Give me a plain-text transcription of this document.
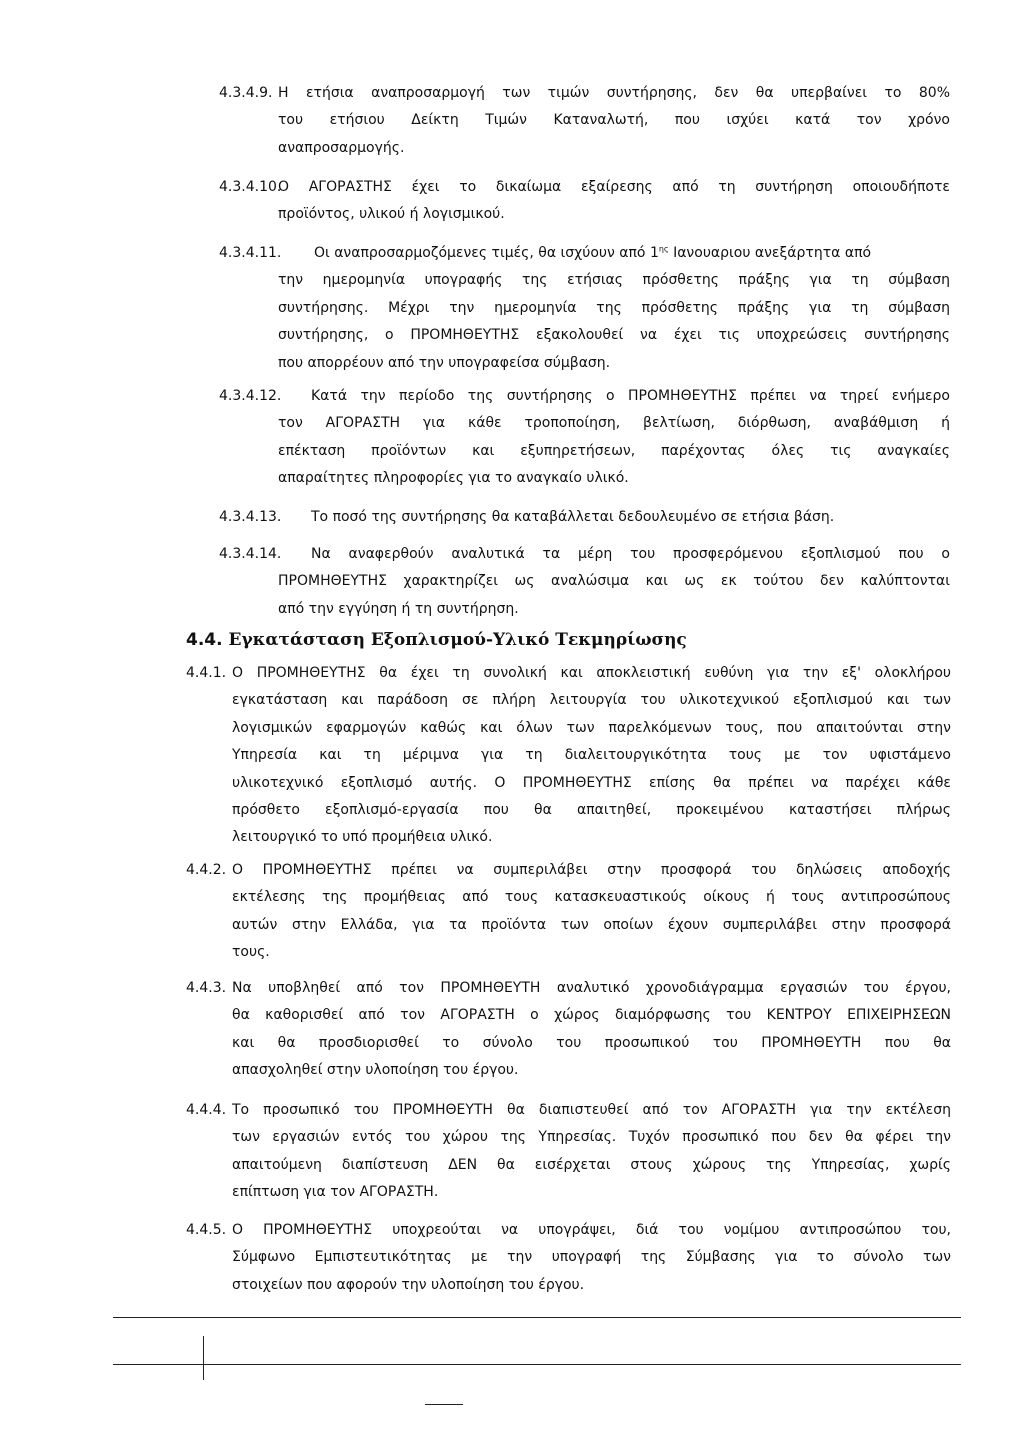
4.3.4.9. Η ετήσια αναπροσαρμογή των τιμών συντήρησης, δεν θα υπερβαίνει το 80%
του ετήσιου Δείκτη Τιμών Καταναλωτή, που ισχύει κατά τον χρόνο
αναπροσαρμογής.
4.3.4.10.
Ο ΑΓΟΡΑΣΤΗΣ έχει το δικαίωμα εξαίρεσης από τη συντήρηση οποιουδήποτε
προϊόντος, υλικού ή λογισμικού.
4.3.4.11. Οι αναπροσαρμοζόμενες τιμές, θα ισχύουν από $1^{\eta\varsigma}$ Ιανουαριου ανεξάρτητα από
την ημερομηνία υπογραφής της ετήσιας πρόσθετης πράξης για τη σύμβαση
συντήρησης. Μέχρι την ημερομηνία της πρόσθετης πράξης για τη σύμβαση
συντήρησης, ο ΠΡΟΜΗΘΕΥΤΗΣ εξακολουθεί να έχει τις υποχρεώσεις συντήρησης
που απορρέουν από την υπογραφείσα σύμβαση.
4.3.4.12. Κατά την περίοδο της συντήρησης ο ΠΡΟΜΗΘΕΥΤΗΣ πρέπει να τηρεί ενήμερο
τον ΑΓΟΡΑΣΤΗ για κάθε τροποποίηση, βελτίωση, διόρθωση, αναβάθμιση ή
επέκταση προϊόντων και εξυπηρετήσεων, παρέχοντας όλες τις αναγκαίες
απαραίτητες πληροφορίες για το αναγκαίο υλικό.
4.3.4.13. Το ποσό της συντήρησης θα καταβάλλεται δεδουλευμένο σε ετήσια βάση.
4.3.4.14. Να αναφερθούν αναλυτικά τα μέρη του προσφερόμενου εξοπλισμού που ο
ΠΡΟΜΗΘΕΥΤΗΣ χαρακτηρίζει ως αναλώσιμα και ως εκ τούτου δεν καλύπτονται
από την εγγύηση ή τη συντήρηση.
4.4. Εγκατάσταση Εξοπλισμού-Υλικό Τεκμηρίωσης
4.4.1. Ο ΠΡΟΜΗΘΕΥΤΗΣ θα έχει τη συνολική και αποκλειστική ευθύνη για την εξ' ολοκλήρου
εγκατάσταση και παράδοση σε πλήρη λειτουργία του υλικοτεχνικού εξοπλισμού και των
λογισμικών εφαρμογών καθώς και όλων των παρελκόμενων τους, που απαιτούνται στην
Υπηρεσία και τη μέριμνα για τη διαλειτουργικότητα τους με τον υφιστάμενο
υλικοτεχνικό εξοπλισμό αυτής. Ο ΠΡΟΜΗΘΕΥΤΗΣ επίσης θα πρέπει να παρέχει κάθε
πρόσθετο εξοπλισμό-εργασία που θα απαιτηθεί, προκειμένου καταστήσει πλήρως
λειτουργικό το υπό προμήθεια υλικό.
4.4.2. Ο ΠΡΟΜΗΘΕΥΤΗΣ πρέπει να συμπεριλάβει στην προσφορά του δηλώσεις αποδοχής
εκτέλεσης της προμήθειας από τους κατασκευαστικούς οίκους ή τους αντιπροσώπους
αυτών στην Ελλάδα, για τα προϊόντα των οποίων έχουν συμπεριλάβει στην προσφορά
τους.
4.4.3. Να υποβληθεί από τον ΠΡΟΜΗΘΕΥΤΗ αναλυτικό χρονοδιάγραμμα εργασιών του έργου,
θα καθορισθεί από τον ΑΓΟΡΑΣΤΗ ο χώρος διαμόρφωσης του ΚΕΝΤΡΟΥ ΕΠΙΧΕΙΡΗΣΕΩΝ
και θα προσδιορισθεί το σύνολο του προσωπικού του ΠΡΟΜΗΘΕΥΤΗ που θα
απασχοληθεί στην υλοποίηση του έργου.
4.4.4. Το προσωπικό του ΠΡΟΜΗΘΕΥΤΗ θα διαπιστευθεί από τον ΑΓΟΡΑΣΤΗ για την εκτέλεση
των εργασιών εντός του χώρου της Υπηρεσίας. Τυχόν προσωπικό που δεν θα φέρει την
απαιτούμενη διαπίστευση ΔΕΝ θα εισέρχεται στους χώρους της Υπηρεσίας, χωρίς
επίπτωση για τον ΑΓΟΡΑΣΤΗ.
4.4.5. Ο ΠΡΟΜΗΘΕΥΤΗΣ υποχρεούται να υπογράψει, διά του νομίμου αντιπροσώπου του,
Σύμφωνο Εμπιστευτικότητας με την υπογραφή της Σύμβασης για το σύνολο των
στοιχείων που αφορούν την υλοποίηση του έργου.
